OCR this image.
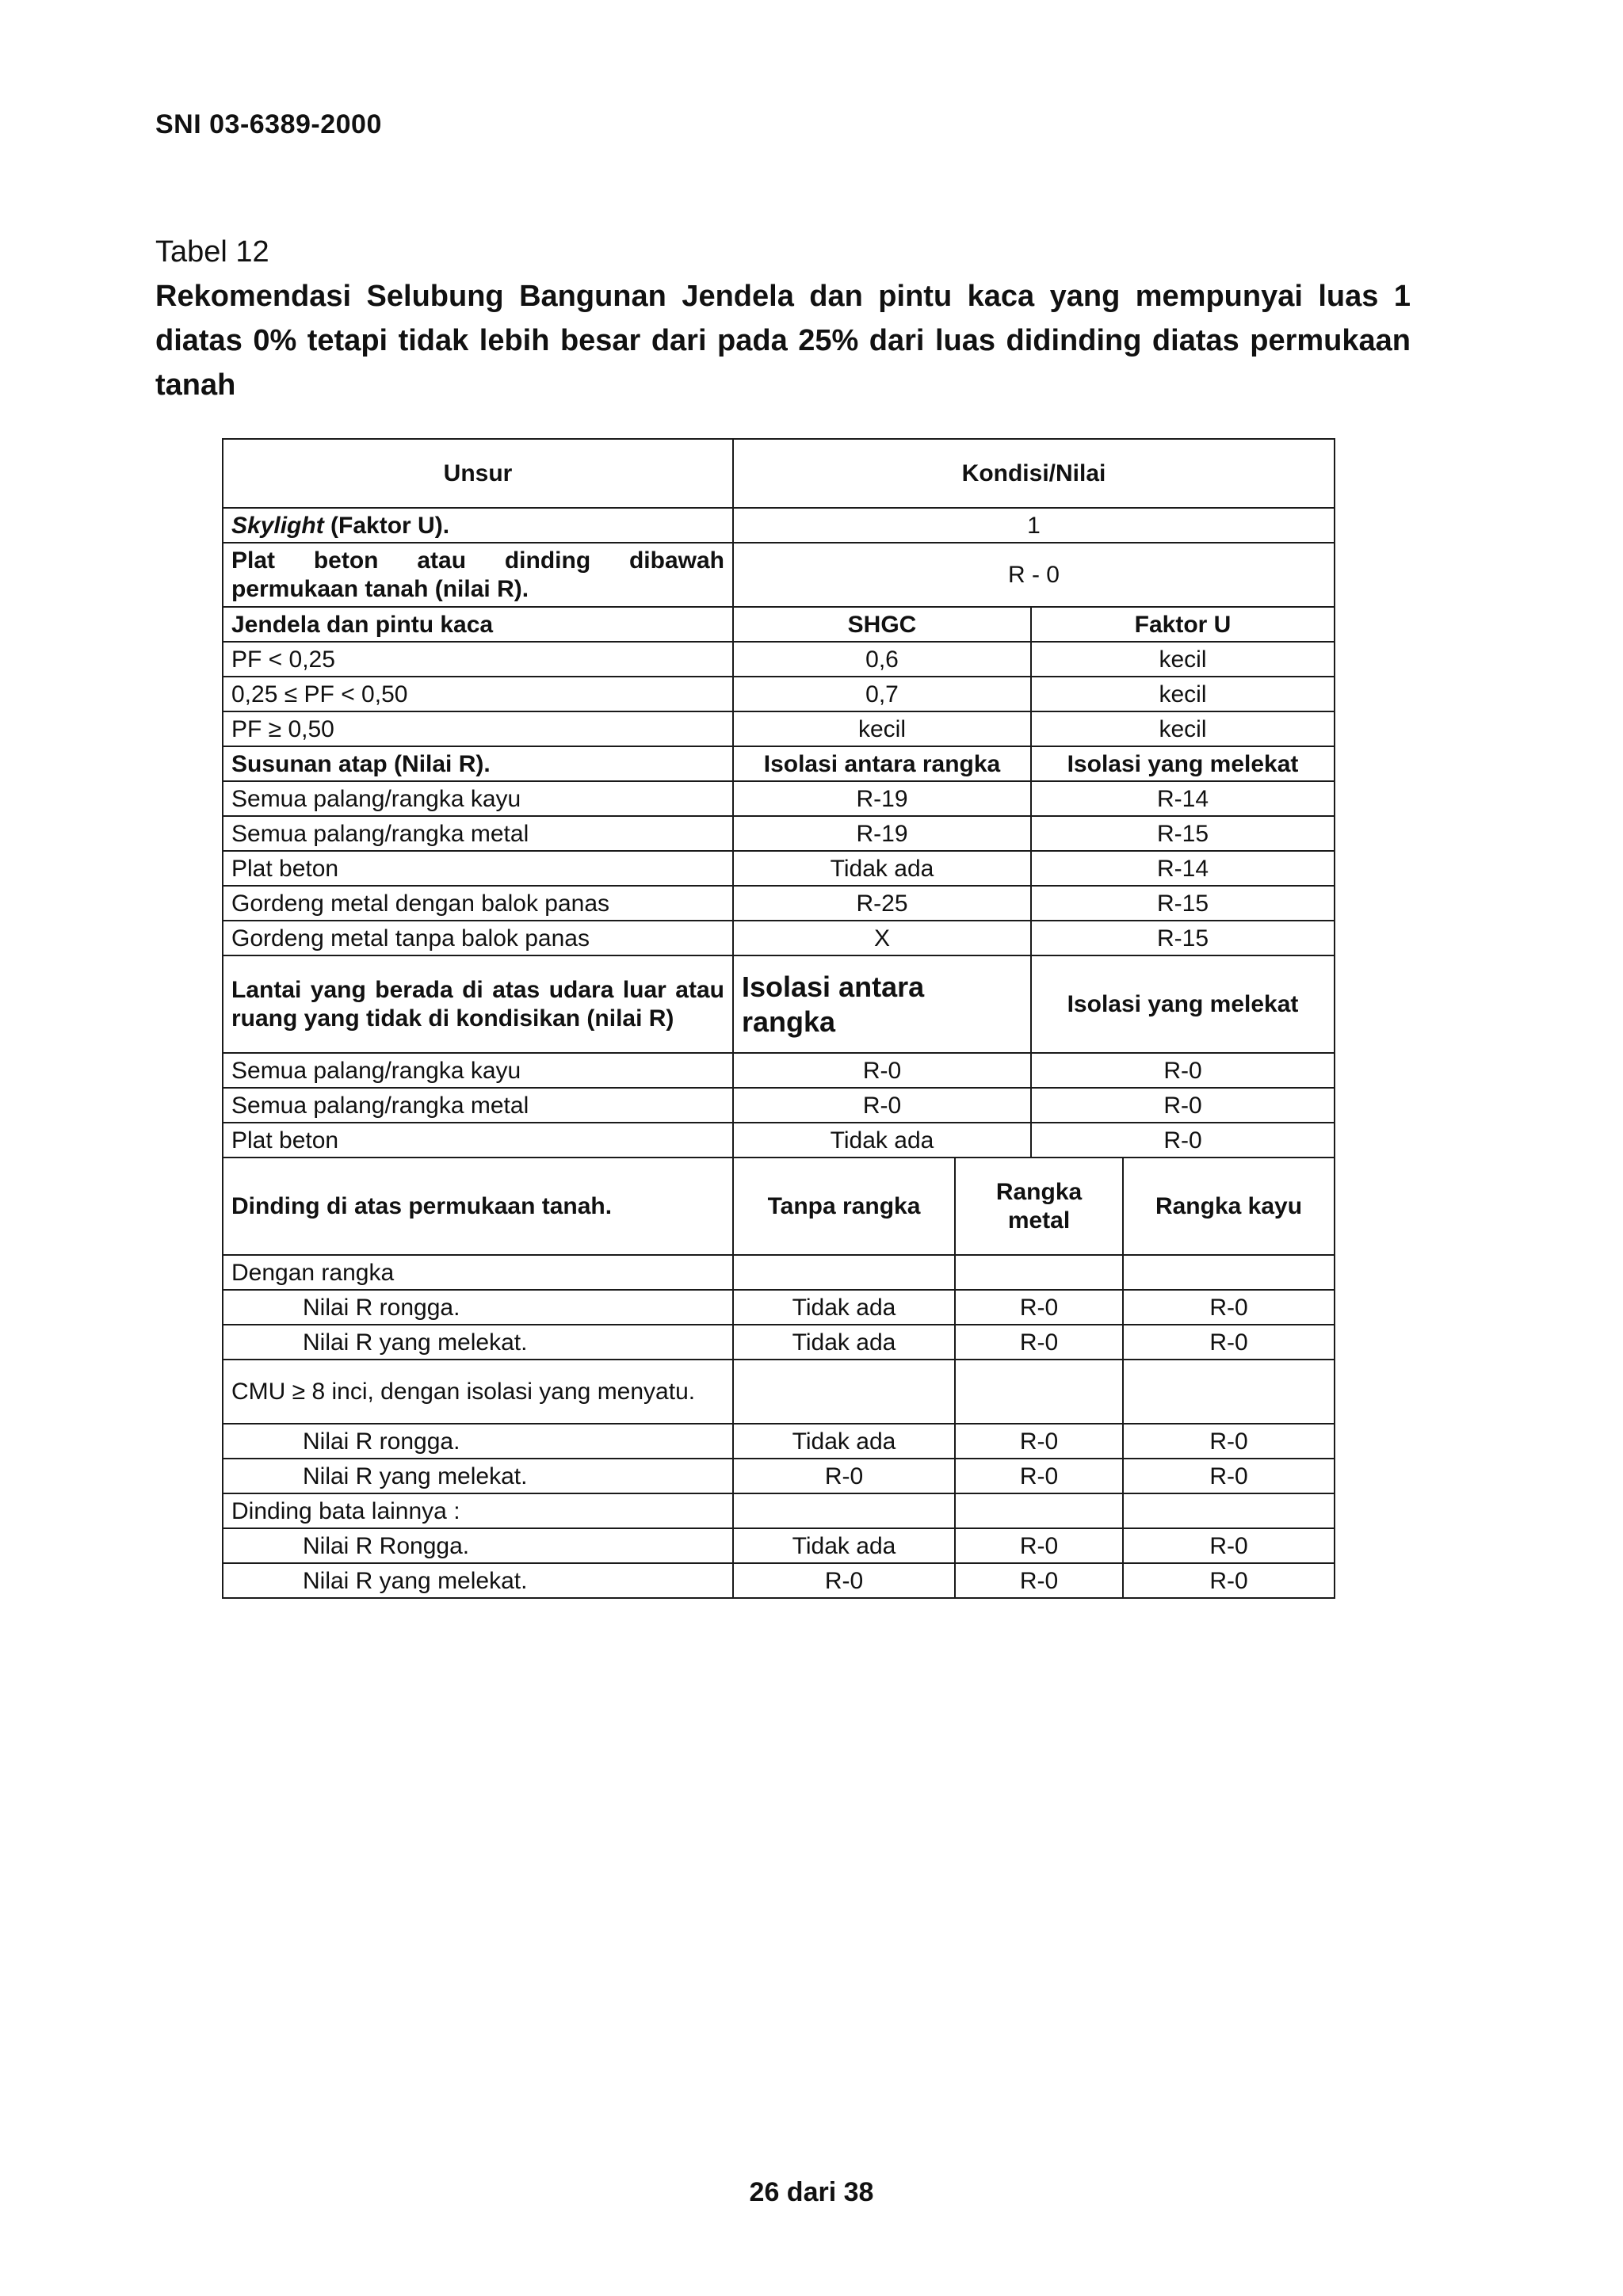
SNI 03-6389-2000
Tabel 12
Rekomendasi Selubung Bangunan Jendela dan pintu kaca yang mempunyai luas 1 diatas 0% tetapi tidak lebih besar dari pada 25% dari luas didinding diatas permukaan tanah
Unsur	Kondisi/Nilai			
Skylight (Faktor U).	1			
Plat beton atau dinding dibawah permukaan tanah (nilai R).	R - 0			
Jendela dan pintu kaca	SHGC		Faktor U	
PF < 0,25	0,6		kecil	
0,25 ≤ PF < 0,50	0,7		kecil	
PF ≥ 0,50	kecil		kecil	
Susunan atap (Nilai R).	Isolasi antara rangka		Isolasi yang melekat	
Semua palang/rangka kayu	R-19		R-14	
Semua palang/rangka metal	R-19		R-15	
Plat beton	Tidak ada		R-14	
Gordeng metal dengan balok panas	R-25		R-15	
Gordeng metal tanpa balok panas	X		R-15	
Lantai yang berada di atas udara luar atau ruang yang tidak di kondisikan (nilai R)	Isolasi antara rangka		Isolasi yang melekat	
Semua palang/rangka kayu	R-0		R-0	
Semua palang/rangka metal	R-0		R-0	
Plat beton	Tidak ada		R-0	
Dinding di atas permukaan tanah.	Tanpa rangka	Rangka metal		Rangka kayu
Dengan rangka				
Nilai R rongga.	Tidak ada	R-0		R-0
Nilai R yang melekat.	Tidak ada	R-0		R-0
CMU ≥ 8 inci, dengan isolasi yang menyatu.				
Nilai R rongga.	Tidak ada	R-0		R-0
Nilai R yang melekat.	R-0	R-0		R-0
Dinding bata lainnya :				
Nilai R Rongga.	Tidak ada	R-0		R-0
Nilai R yang melekat.	R-0	R-0		R-0
26 dari 38
